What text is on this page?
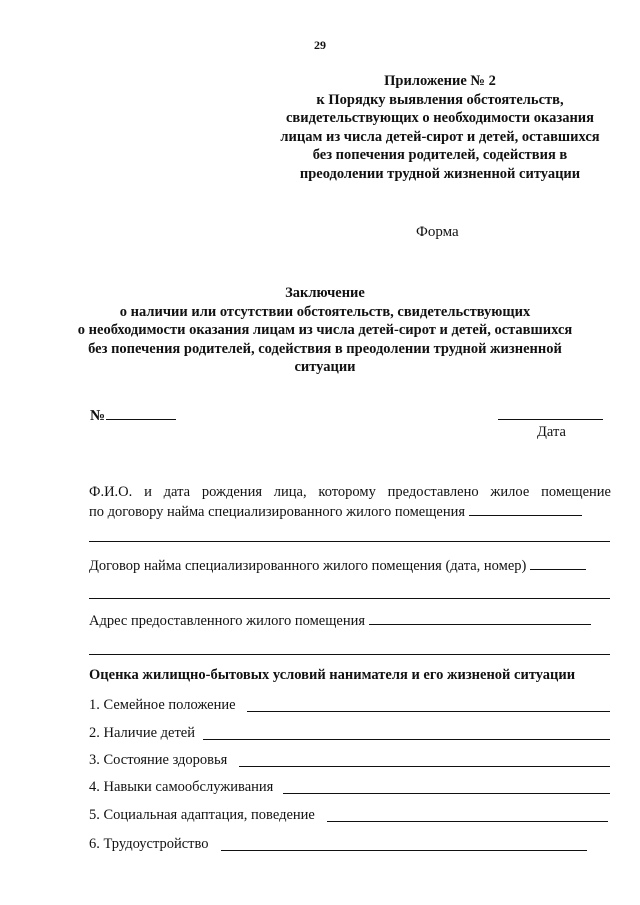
29
Приложение № 2
к Порядку выявления обстоятельств,
свидетельствующих о необходимости оказания
лицам из числа детей-сирот и детей, оставшихся
без попечения родителей, содействия в
преодолении трудной жизненной ситуации
Форма
Заключение
о наличии или отсутствии обстоятельств, свидетельствующих
о необходимости оказания лицам из числа детей-сирот и детей, оставшихся
без попечения родителей, содействия в преодолении трудной жизненной
ситуации
№
Дата
Ф.И.О. и дата рождения лица, которому предоставлено жилое помещение
по договору найма специализированного жилого помещения
Договор найма специализированного жилого помещения (дата, номер)
Адрес предоставленного жилого помещения
Оценка жилищно-бытовых условий нанимателя и его жизненой ситуации
1. Семейное положение
2. Наличие детей
3. Состояние здоровья
4. Навыки самообслуживания
5. Социальная адаптация, поведение
6. Трудоустройство
